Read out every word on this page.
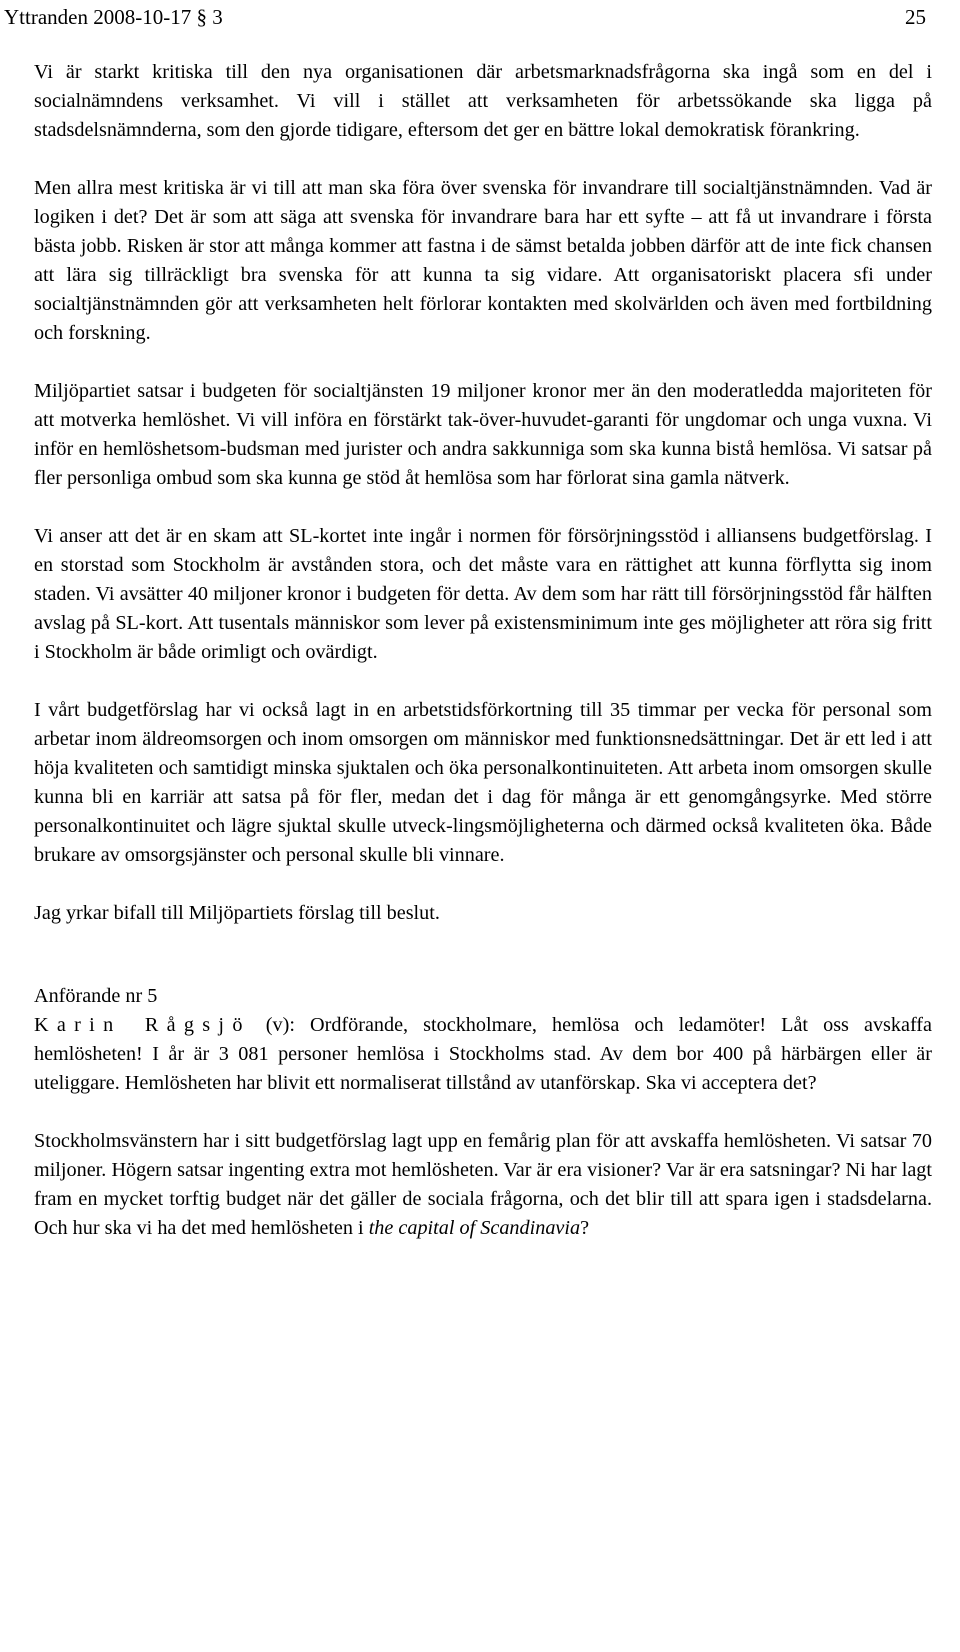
Yttranden 2008-10-17 § 3	25

Vi är starkt kritiska till den nya organisationen där arbetsmarknadsfrågorna ska ingå som en del i socialnämndens verksamhet. Vi vill i stället att verksamheten för arbetssökande ska ligga på stadsdelsnämnderna, som den gjorde tidigare, eftersom det ger en bättre lokal demokratisk förankring.

Men allra mest kritiska är vi till att man ska föra över svenska för invandrare till socialtjänstnämnden. Vad är logiken i det? Det är som att säga att svenska för invandrare bara har ett syfte – att få ut invandrare i första bästa jobb. Risken är stor att många kommer att fastna i de sämst betalda jobben därför att de inte fick chansen att lära sig tillräckligt bra svenska för att kunna ta sig vidare. Att organisatoriskt placera sfi under socialtjänstnämnden gör att verksamheten helt förlorar kontakten med skolvärlden och även med fortbildning och forskning.

Miljöpartiet satsar i budgeten för socialtjänsten 19 miljoner kronor mer än den moderatledda majoriteten för att motverka hemlöshet. Vi vill införa en förstärkt tak-över-huvudet-garanti för ungdomar och unga vuxna. Vi inför en hemlöshetsom-budsman med jurister och andra sakkunniga som ska kunna bistå hemlösa. Vi satsar på fler personliga ombud som ska kunna ge stöd åt hemlösa som har förlorat sina gamla nätverk.

Vi anser att det är en skam att SL-kortet inte ingår i normen för försörjningsstöd i alliansens budgetförslag. I en storstad som Stockholm är avstånden stora, och det måste vara en rättighet att kunna förflytta sig inom staden. Vi avsätter 40 miljoner kronor i budgeten för detta. Av dem som har rätt till försörjningsstöd får hälften avslag på SL-kort. Att tusentals människor som lever på existensminimum inte ges möjligheter att röra sig fritt i Stockholm är både orimligt och ovärdigt.

I vårt budgetförslag har vi också lagt in en arbetstidsförkortning till 35 timmar per vecka för personal som arbetar inom äldreomsorgen och inom omsorgen om människor med funktionsnedsättningar. Det är ett led i att höja kvaliteten och samtidigt minska sjuktalen och öka personalkontinuiteten. Att arbeta inom omsorgen skulle kunna bli en karriär att satsa på för fler, medan det i dag för många är ett genomgångsyrke. Med större personalkontinuitet och lägre sjuktal skulle utveck-lingsmöjligheterna och därmed också kvaliteten öka. Både brukare av omsorgsjänster och personal skulle bli vinnare.

Jag yrkar bifall till Miljöpartiets förslag till beslut.

Anförande nr 5

Karin Rågsjö (v): Ordförande, stockholmare, hemlösa och ledamöter! Låt oss avskaffa hemlösheten! I år är 3 081 personer hemlösa i Stockholms stad. Av dem bor 400 på härbärgen eller är uteliggare. Hemlösheten har blivit ett normaliserat tillstånd av utanförskap. Ska vi acceptera det?

Stockholmsvänstern har i sitt budgetförslag lagt upp en femårig plan för att avskaffa hemlösheten. Vi satsar 70 miljoner. Högern satsar ingenting extra mot hemlösheten. Var är era visioner? Var är era satsningar? Ni har lagt fram en mycket torftig budget när det gäller de sociala frågorna, och det blir till att spara igen i stadsdelarna. Och hur ska vi ha det med hemlösheten i the capital of Scandinavia?
